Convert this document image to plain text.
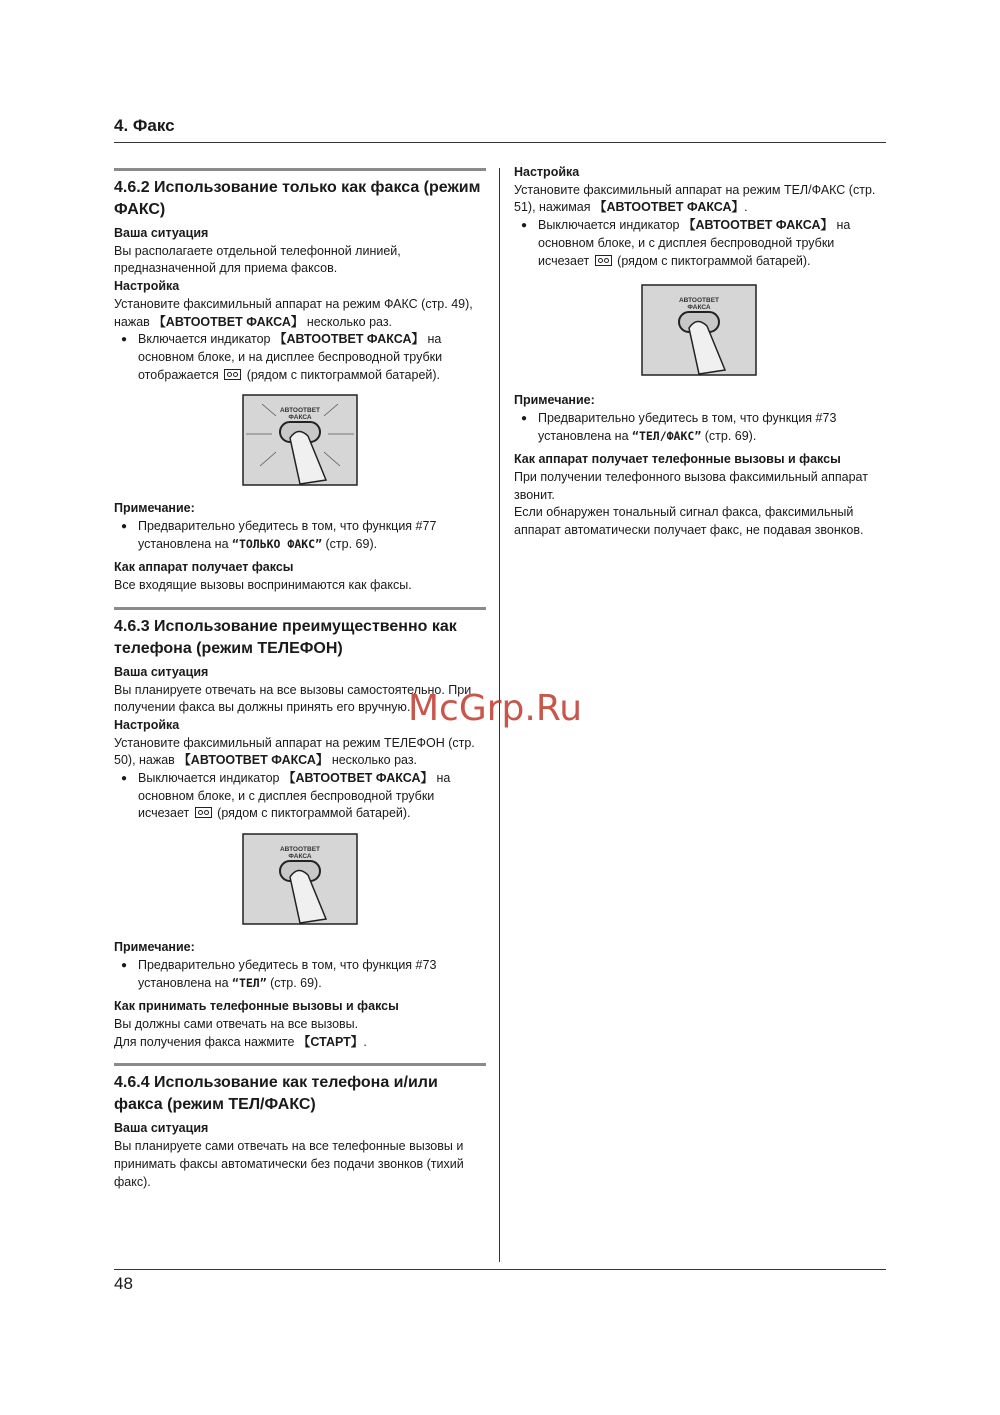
4. Факс
48
4.6.2 Использование только как факса (режим ФАКС)

Ваша ситуация

Вы располагаете отдельной телефонной линией, предназначенной для приема факсов.

Настройка

Установите факсимильный аппарат на режим ФАКС (стр. 49), нажав 【АВТООТВЕТ ФАКСА】 несколько раз.

● Включается индикатор 【АВТООТВЕТ ФАКСА】 на основном блоке, и на дисплее беспроводной трубки отображается  (рядом с пиктограммой батарей).

АВТООТВЕТ ФАКСА

Примечание:

● Предварительно убедитесь в том, что функция #77 установлена на “ТОЛЬКО ФАКС” (стр. 69).

Как аппарат получает факсы

Все входящие вызовы воспринимаются как факсы.

4.6.3 Использование преимущественно как телефона (режим ТЕЛЕФОН)

Ваша ситуация

Вы планируете отвечать на все вызовы самостоятельно. При получении факса вы должны принять его вручную.

Настройка

Установите факсимильный аппарат на режим ТЕЛЕФОН (стр. 50), нажав 【АВТООТВЕТ ФАКСА】 несколько раз.

● Выключается индикатор 【АВТООТВЕТ ФАКСА】 на основном блоке, и с дисплея беспроводной трубки исчезает  (рядом с пиктограммой батарей).

АВТООТВЕТ ФАКСА

Примечание:

● Предварительно убедитесь в том, что функция #73 установлена на “ТЕЛ” (стр. 69).

Как принимать телефонные вызовы и факсы

Вы должны сами отвечать на все вызовы.

Для получения факса нажмите 【СТАРТ】.

4.6.4 Использование как телефона и/или факса (режим ТЕЛ/ФАКС)

Ваша ситуация

Вы планируете сами отвечать на все телефонные вызовы и принимать факсы автоматически без подачи звонков (тихий факс).

Настройка

Установите факсимильный аппарат на режим ТЕЛ/ФАКС (стр. 51), нажимая 【АВТООТВЕТ ФАКСА】.

● Выключается индикатор 【АВТООТВЕТ ФАКСА】 на основном блоке, и с дисплея беспроводной трубки исчезает  (рядом с пиктограммой батарей).

АВТООТВЕТ ФАКСА

Примечание:

● Предварительно убедитесь в том, что функция #73 установлена на “ТЕЛ/ФАКС” (стр. 69).

Как аппарат получает телефонные вызовы и факсы

При получении телефонного вызова факсимильный аппарат звонит.

Если обнаружен тональный сигнал факса, факсимильный аппарат автоматически получает факс, не подавая звонков.

McGrp.Ru
